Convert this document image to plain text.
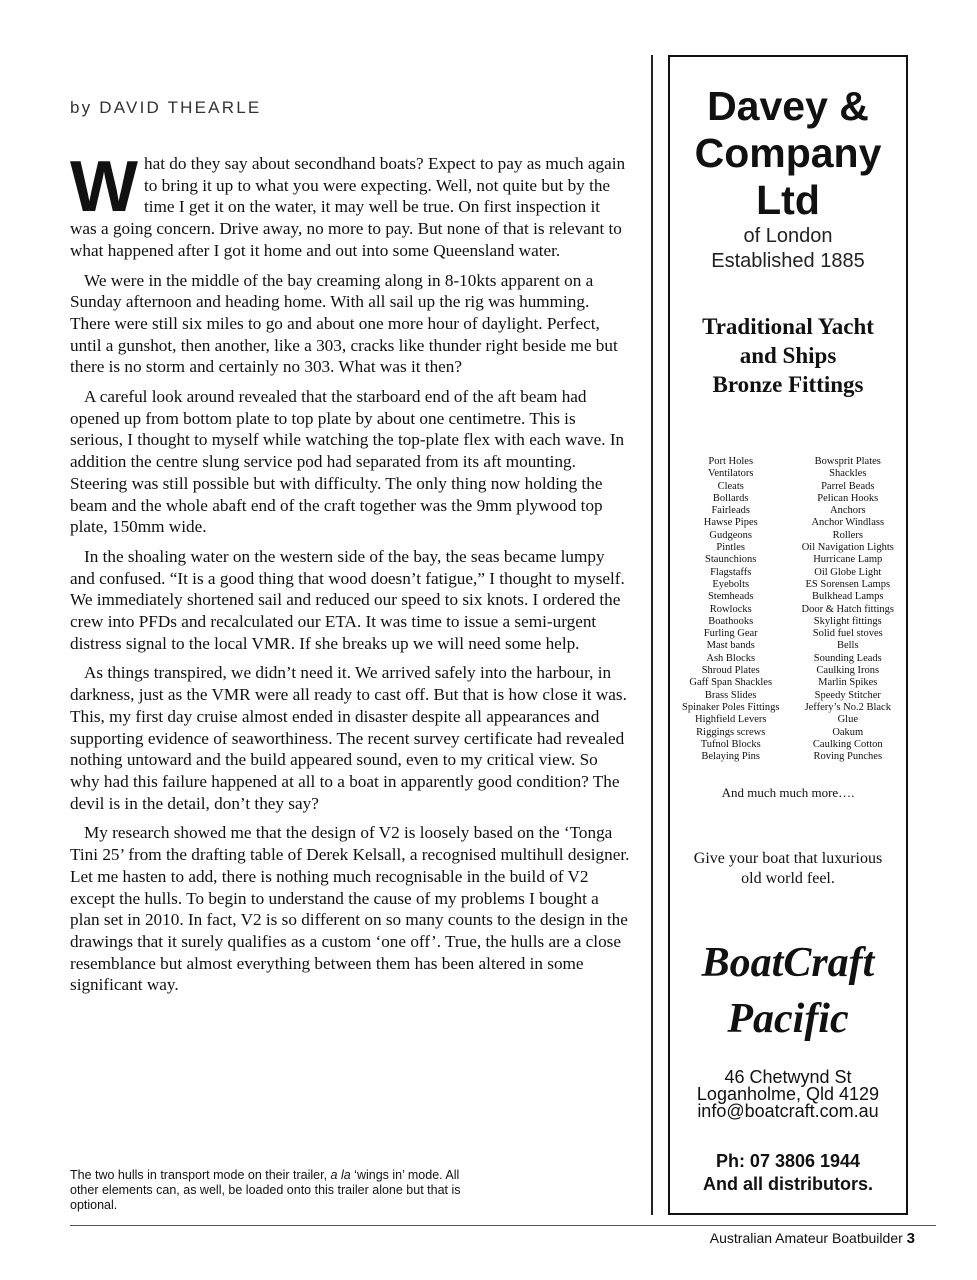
by DAVID THEARLE

What do they say about secondhand boats? Expect to pay as much again to bring it up to what you were expecting. Well, not quite but by the time I get it on the water, it may well be true. On first inspection it was a going concern. Drive away, no more to pay. But none of that is relevant to what happened after I got it home and out into some Queensland water.

We were in the middle of the bay creaming along in 8-10kts apparent on a Sunday afternoon and heading home. With all sail up the rig was humming. There were still six miles to go and about one more hour of daylight. Perfect, until a gunshot, then another, like a 303, cracks like thunder right beside me but there is no storm and certainly no 303. What was it then?

A careful look around revealed that the starboard end of the aft beam had opened up from bottom plate to top plate by about one centimetre. This is serious, I thought to myself while watching the top-plate flex with each wave. In addition the centre slung service pod had separated from its aft mounting. Steering was still possible but with difficulty. The only thing now holding the beam and the whole abaft end of the craft together was the 9mm plywood top plate, 150mm wide.

In the shoaling water on the western side of the bay, the seas became lumpy and confused. “It is a good thing that wood doesn’t fatigue,” I thought to myself. We immediately shortened sail and reduced our speed to six knots. I ordered the crew into PFDs and recalculated our ETA. It was time to issue a semi-urgent distress signal to the local VMR. If she breaks up we will need some help.

As things transpired, we didn’t need it. We arrived safely into the harbour, in darkness, just as the VMR were all ready to cast off. But that is how close it was. This, my first day cruise almost ended in disaster despite all appearances and supporting evidence of seaworthiness. The recent survey certificate had revealed nothing untoward and the build appeared sound, even to my critical view. So why had this failure happened at all to a boat in apparently good condition? The devil is in the detail, don’t they say?

My research showed me that the design of V2 is loosely based on the ‘Tonga Tini 25’ from the drafting table of Derek Kelsall, a recognised multihull designer. Let me hasten to add, there is nothing much recognisable in the build of V2 except the hulls. To begin to understand the cause of my problems I bought a plan set in 2010. In fact, V2 is so different on so many counts to the design in the drawings that it surely qualifies as a custom ‘one off’. True, the hulls are a close resemblance but almost everything between them has been altered in some significant way.

The two hulls in transport mode on their trailer, a la ‘wings in’ mode. All other elements can, as well, be loaded onto this trailer alone but that is optional.
Davey &
Company
Ltd
of London
Established 1885
Traditional Yacht
and Ships
Bronze Fittings
Port Holes
Ventilators
Cleats
Bollards
Fairleads
Hawse Pipes
Gudgeons
Pintles
Staunchions
Flagstaffs
Eyebolts
Stemheads
Rowlocks
Boathooks
Furling Gear
Mast bands
Ash Blocks
Shroud Plates
Gaff Span Shackles
Brass Slides
Spinaker Poles Fittings
Highfield Levers
Riggings screws
Tufnol Blocks
Belaying Pins
Bowsprit Plates
Shackles
Parrel Beads
Pelican Hooks
Anchors
Anchor Windlass
Rollers
Oil Navigation Lights
Hurricane Lamp
Oil Globe Light
ES Sorensen Lamps
Bulkhead Lamps
Door & Hatch fittings
Skylight fittings
Solid fuel stoves
Bells
Sounding Leads
Caulking Irons
Marlin Spikes
Speedy Stitcher
Jeffery’s No.2 Black
Glue
Oakum
Caulking Cotton
Roving Punches
And much much more….
Give your boat that luxurious
old world feel.
BoatCraft
Pacific
46 Chetwynd St
Loganholme, Qld 4129
info@boatcraft.com.au
Ph: 07 3806 1944
And all distributors.
Australian Amateur Boatbuilder 3
